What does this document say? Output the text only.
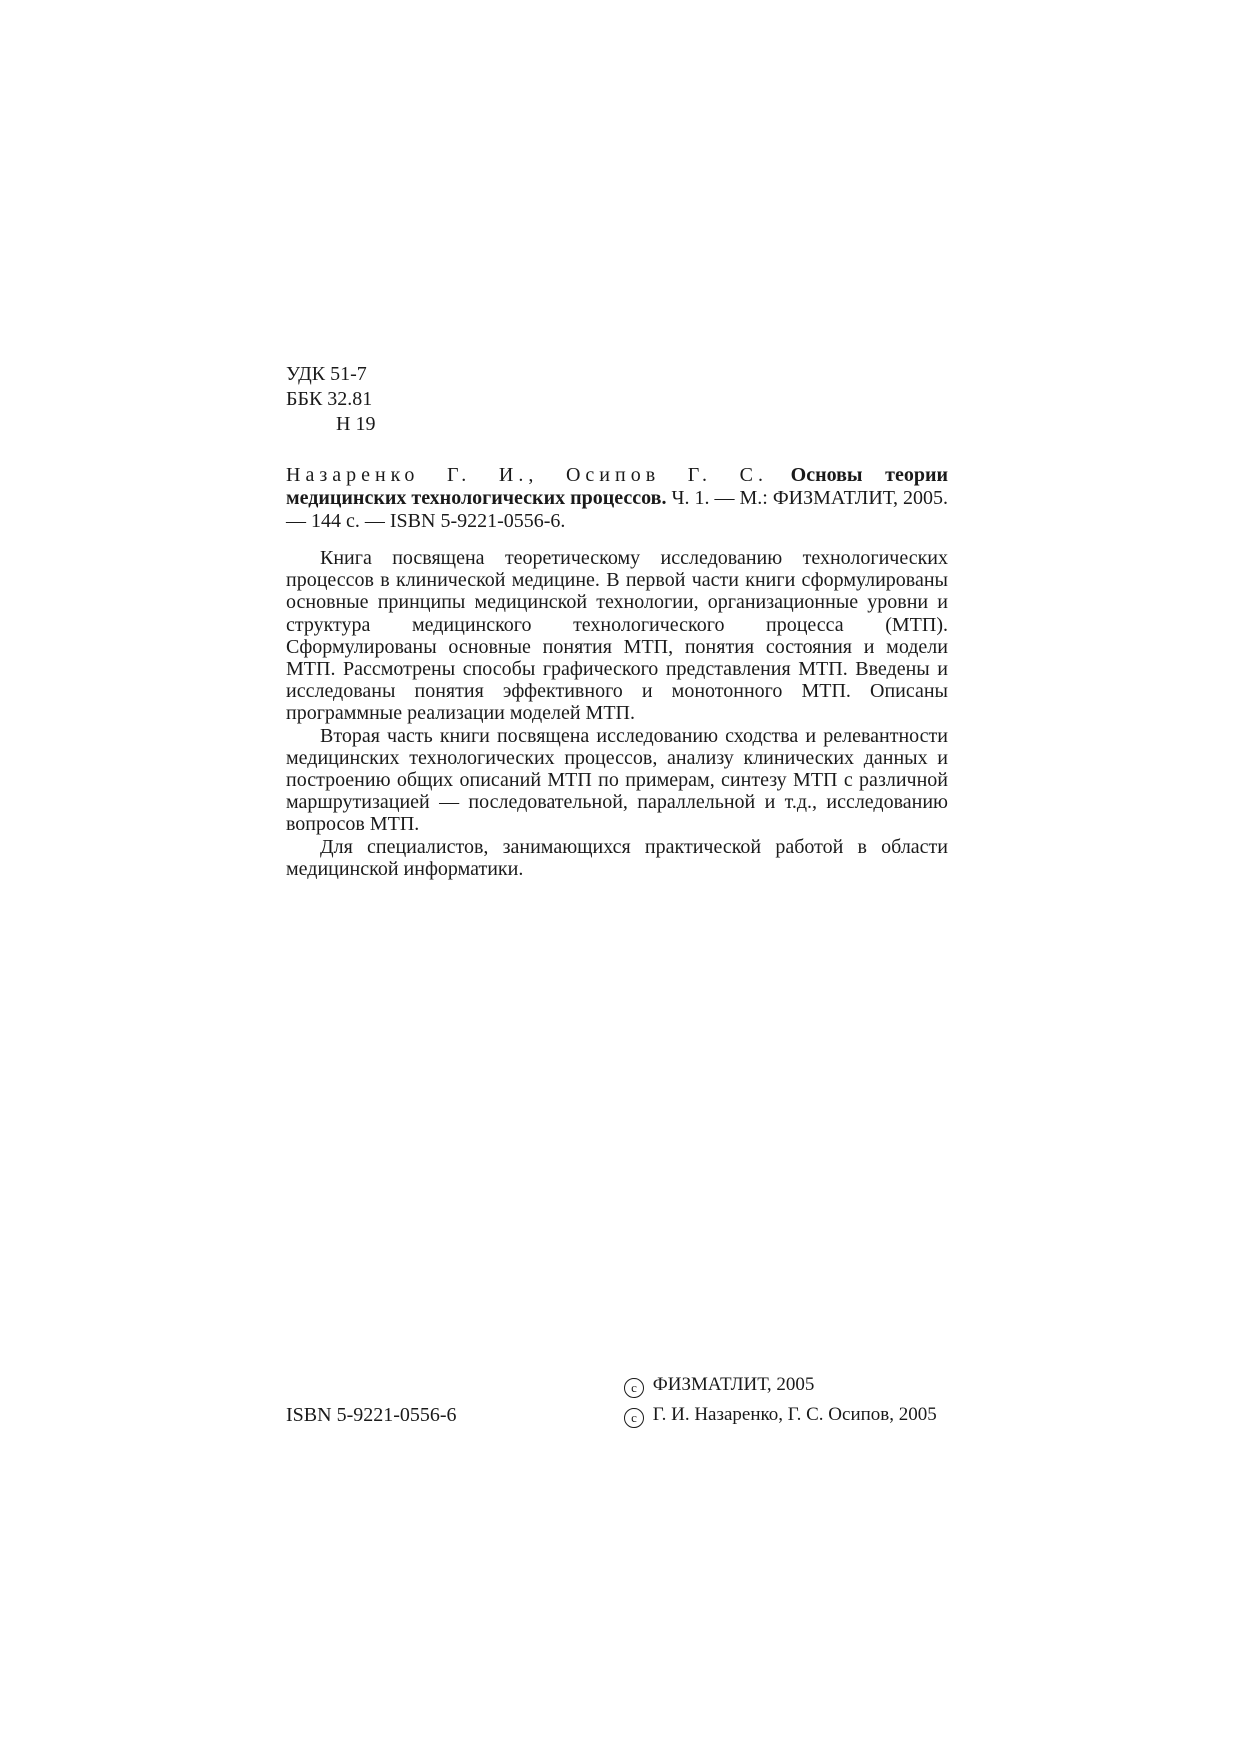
УДК 51-7
ББК 32.81
Н 19
Назаренко Г. И., Осипов Г. С. Основы теории медицинских технологических процессов. Ч. 1. — М.: ФИЗМАТЛИТ, 2005. — 144 с. — ISBN 5-9221-0556-6.

Книга посвящена теоретическому исследованию технологических процессов в клинической медицине. В первой части книги сформулированы основные принципы медицинской технологии, организационные уровни и структура медицинского технологического процесса (МТП). Сформулированы основные понятия МТП, понятия состояния и модели МТП. Рассмотрены способы графического представления МТП. Введены и исследованы понятия эффективного и монотонного МТП. Описаны программные реализации моделей МТП.

Вторая часть книги посвящена исследованию сходства и релевантности медицинских технологических процессов, анализу клинических данных и построению общих описаний МТП по примерам, синтезу МТП с различной маршрутизацией — последовательной, параллельной и т.д., исследованию вопросов МТП.

Для специалистов, занимающихся практической работой в области медицинской информатики.

c ФИЗМАТЛИТ, 2005
c Г. И. Назаренко, Г. С. Осипов, 2005
ISBN 5-9221-0556-6
